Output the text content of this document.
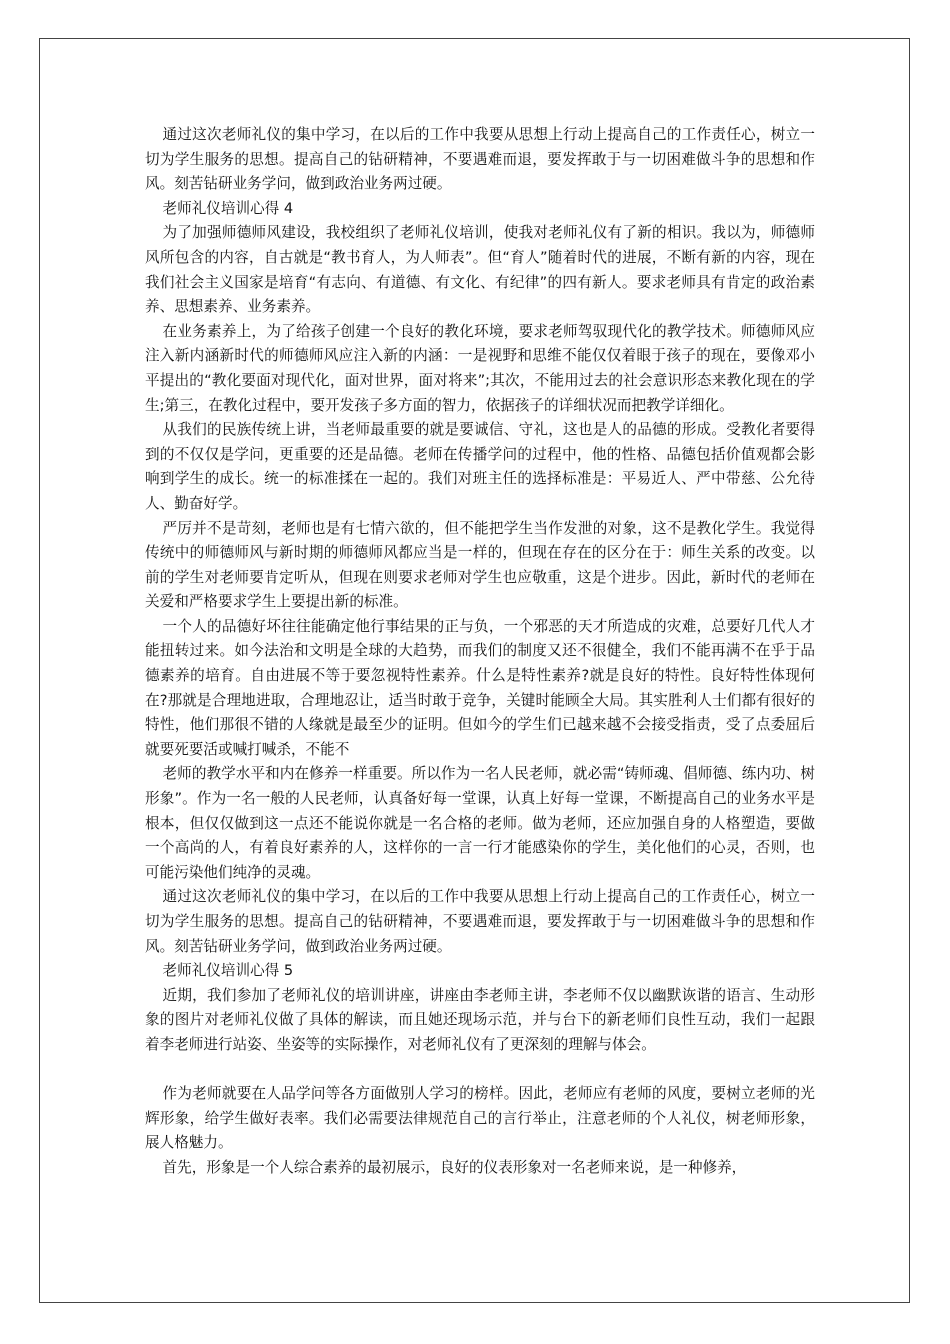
通过这次老师礼仪的集中学习，在以后的工作中我要从思想上行动上提高自己的工作责任心，树立一切为学生服务的思想。提高自己的钻研精神，不要遇难而退，要发挥敢于与一切困难做斗争的思想和作风。刻苦钻研业务学问，做到政治业务两过硬。

老师礼仪培训心得 4

为了加强师德师风建设，我校组织了老师礼仪培训，使我对老师礼仪有了新的相识。我以为，师德师风所包含的内容，自古就是“教书育人，为人师表”。但“育人”随着时代的进展，不断有新的内容，现在我们社会主义国家是培育“有志向、有道德、有文化、有纪律”的四有新人。要求老师具有肯定的政治素养、思想素养、业务素养。

在业务素养上，为了给孩子创建一个良好的教化环境，要求老师驾驭现代化的教学技术。师德师风应注入新内涵新时代的师德师风应注入新的内涵：一是视野和思维不能仅仅着眼于孩子的现在，要像邓小平提出的“教化要面对现代化，面对世界，面对将来”;其次，不能用过去的社会意识形态来教化现在的学生;第三，在教化过程中，要开发孩子多方面的智力，依据孩子的详细状况而把教学详细化。

从我们的民族传统上讲，当老师最重要的就是要诚信、守礼，这也是人的品德的形成。受教化者要得到的不仅仅是学问，更重要的还是品德。老师在传播学问的过程中，他的性格、品德包括价值观都会影响到学生的成长。统一的标准揉在一起的。我们对班主任的选择标准是：平易近人、严中带慈、公允待人、勤奋好学。

严厉并不是苛刻，老师也是有七情六欲的，但不能把学生当作发泄的对象，这不是教化学生。我觉得传统中的师德师风与新时期的师德师风都应当是一样的，但现在存在的区分在于：师生关系的改变。以前的学生对老师要肯定听从，但现在则要求老师对学生也应敬重，这是个进步。因此，新时代的老师在关爱和严格要求学生上要提出新的标准。

一个人的品德好坏往往能确定他行事结果的正与负，一个邪恶的天才所造成的灾难，总要好几代人才能扭转过来。如今法治和文明是全球的大趋势，而我们的制度又还不很健全，我们不能再满不在乎于品德素养的培育。自由进展不等于要忽视特性素养。什么是特性素养?就是良好的特性。良好特性体现何在?那就是合理地进取，合理地忍让，适当时敢于竞争，关键时能顾全大局。其实胜利人士们都有很好的特性，他们那很不错的人缘就是最至少的证明。但如今的学生们已越来越不会接受指责，受了点委屈后就要死要活或喊打喊杀，不能不

老师的教学水平和内在修养一样重要。所以作为一名人民老师，就必需“铸师魂、倡师德、练内功、树形象”。作为一名一般的人民老师，认真备好每一堂课，认真上好每一堂课，不断提高自己的业务水平是根本，但仅仅做到这一点还不能说你就是一名合格的老师。做为老师，还应加强自身的人格塑造，要做一个高尚的人，有着良好素养的人，这样你的一言一行才能感染你的学生，美化他们的心灵，否则，也可能污染他们纯净的灵魂。

通过这次老师礼仪的集中学习，在以后的工作中我要从思想上行动上提高自己的工作责任心，树立一切为学生服务的思想。提高自己的钻研精神，不要遇难而退，要发挥敢于与一切困难做斗争的思想和作风。刻苦钻研业务学问，做到政治业务两过硬。

老师礼仪培训心得 5

近期，我们参加了老师礼仪的培训讲座，讲座由李老师主讲，李老师不仅以幽默诙谐的语言、生动形象的图片对老师礼仪做了具体的解读，而且她还现场示范，并与台下的新老师们良性互动，我们一起跟着李老师进行站姿、坐姿等的实际操作，对老师礼仪有了更深刻的理解与体会。

作为老师就要在人品学问等各方面做别人学习的榜样。因此，老师应有老师的风度，要树立老师的光辉形象，给学生做好表率。我们必需要法律规范自己的言行举止，注意老师的个人礼仪，树老师形象，展人格魅力。

首先，形象是一个人综合素养的最初展示，良好的仪表形象对一名老师来说，是一种修养，
